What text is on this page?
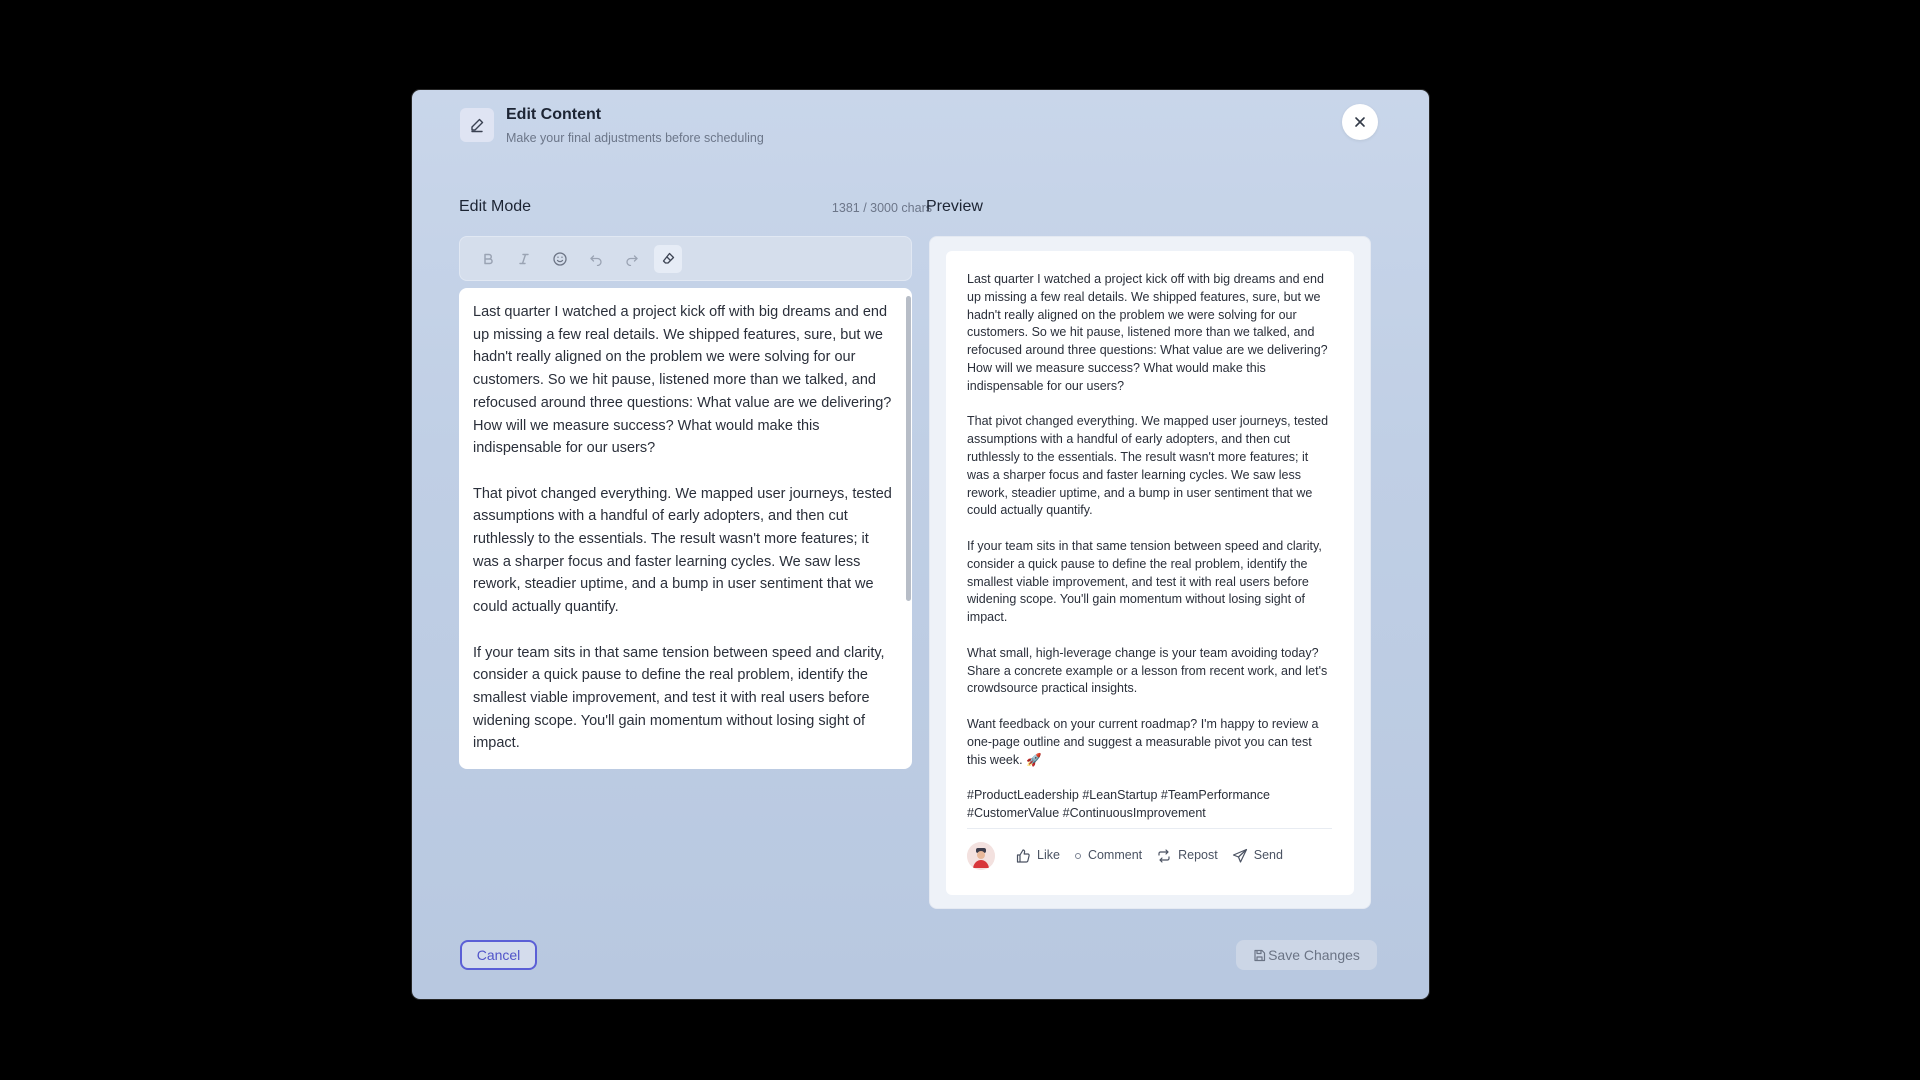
Edit Content
Make your final adjustments before scheduling
Edit Mode	1381 / 3000 chars
Preview

Last quarter I watched a project kick off with big dreams and end up missing a few real details. We shipped features, sure, but we hadn't really aligned on the problem we were solving for our customers. So we hit pause, listened more than we talked, and refocused around three questions: What value are we delivering? How will we measure success? What would make this indispensable for our users?

That pivot changed everything. We mapped user journeys, tested assumptions with a handful of early adopters, and then cut ruthlessly to the essentials. The result wasn't more features; it was a sharper focus and faster learning cycles. We saw less rework, steadier uptime, and a bump in user sentiment that we could actually quantify.

If your team sits in that same tension between speed and clarity, consider a quick pause to define the real problem, identify the smallest viable improvement, and test it with real users before widening scope. You'll gain momentum without losing sight of impact.

Last quarter I watched a project kick off with big dreams and end up missing a few real details. We shipped features, sure, but we hadn't really aligned on the problem we were solving for our customers. So we hit pause, listened more than we talked, and refocused around three questions: What value are we delivering? How will we measure success? What would make this indispensable for our users?

That pivot changed everything. We mapped user journeys, tested assumptions with a handful of early adopters, and then cut ruthlessly to the essentials. The result wasn't more features; it was a sharper focus and faster learning cycles. We saw less rework, steadier uptime, and a bump in user sentiment that we could actually quantify.

If your team sits in that same tension between speed and clarity, consider a quick pause to define the real problem, identify the smallest viable improvement, and test it with real users before widening scope. You'll gain momentum without losing sight of impact.

What small, high-leverage change is your team avoiding today? Share a concrete example or a lesson from recent work, and let's crowdsource practical insights.

Want feedback on your current roadmap? I'm happy to review a one-page outline and suggest a measurable pivot you can test this week. 🚀

#ProductLeadership #LeanStartup #TeamPerformance #CustomerValue #ContinuousImprovement

Like Comment	Repost	Send
Cancel	Save Changes
